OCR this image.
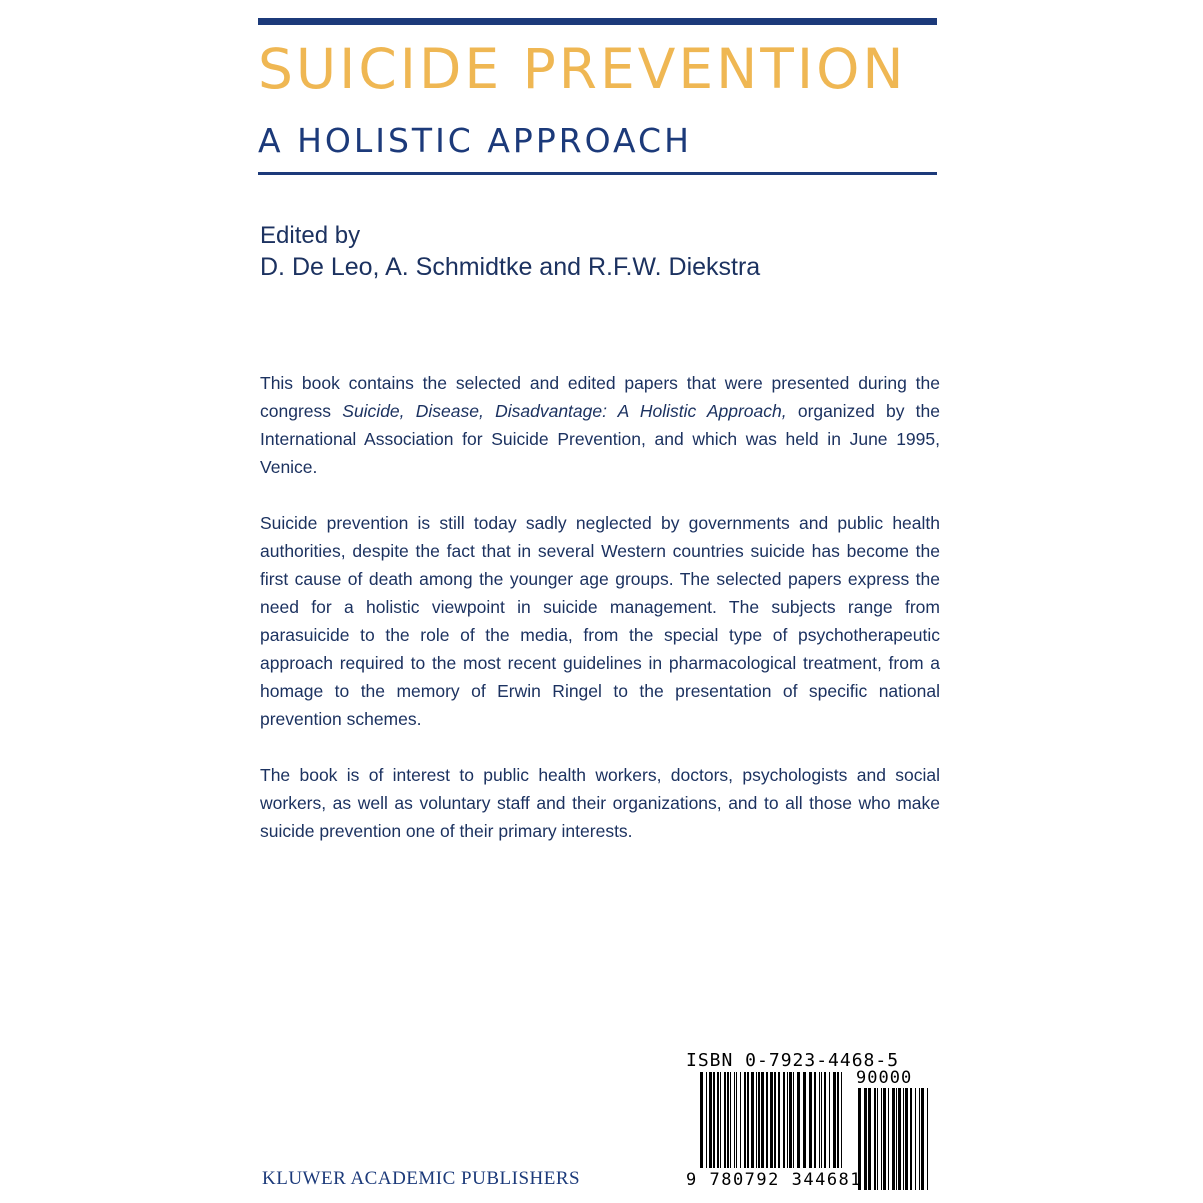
SUICIDE PREVENTION
A HOLISTIC APPROACH
Edited by
D. De Leo, A. Schmidtke and R.F.W. Diekstra

This book contains the selected and edited papers that were presented during the congress Suicide, Disease, Disadvantage: A Holistic Approach, organized by the International Association for Suicide Prevention, and which was held in June 1995, Venice.

Suicide prevention is still today sadly neglected by governments and public health authorities, despite the fact that in several Western countries suicide has become the first cause of death among the younger age groups. The selected papers express the need for a holistic viewpoint in suicide management. The subjects range from parasuicide to the role of the media, from the special type of psychotherapeutic approach required to the most recent guidelines in pharmacological treatment, from a homage to the memory of Erwin Ringel to the presentation of specific national prevention schemes.

The book is of interest to public health workers, doctors, psychologists and social workers, as well as voluntary staff and their organizations, and to all those who make suicide prevention one of their primary interests.

KLUWER ACADEMIC PUBLISHERS
ISBN 0-7923-4468-5
90000
9 780792 344681
